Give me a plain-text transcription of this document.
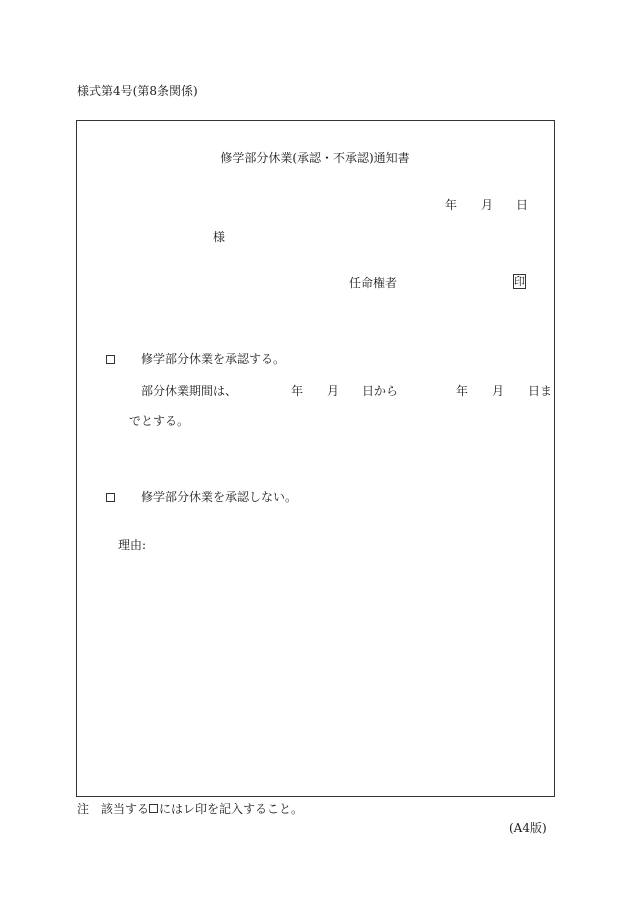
様式第4号(第8条関係)
修学部分休業(承認・不承認)通知書
年 月 日
様
任命権者	印
修学部分休業を承認する。
部分休業期間は、	年 月 日から	年 月 日ま
でとする。
修学部分休業を承認しない。
理由:
注 該当する にはレ印を記入すること。
(A4版)
